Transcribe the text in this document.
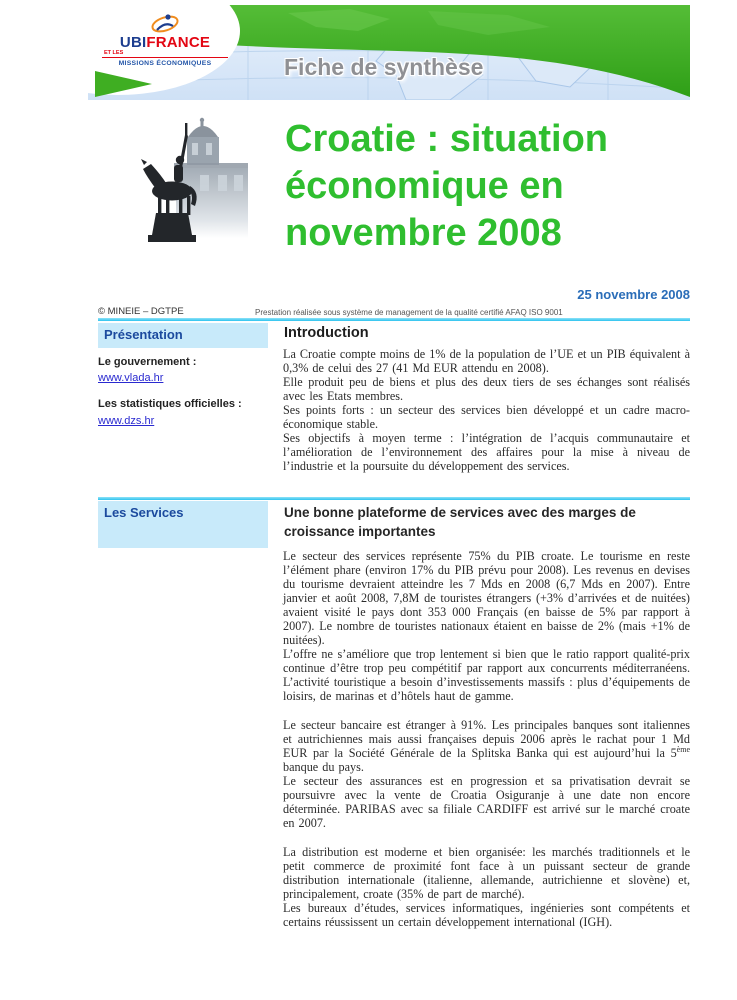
UBIFRANCE
ET LES
MISSIONS ÉCONOMIQUES	Fiche de synthèse
Croatie : situation économique en novembre 2008
25 novembre 2008
© MINEIE – DGTPE	Prestation réalisée sous système de management de la qualité certifié AFAQ ISO 9001
Présentation
Le gouvernement :
www.vlada.hr
Les statistiques officielles :
www.dzs.hr
Les Services
Introduction

La Croatie compte moins de 1% de la population de l’UE et un PIB équivalent à 0,3% de celui des 27 (41 Md EUR attendu en 2008).

Elle produit peu de biens et plus des deux tiers de ses échanges sont réalisés avec les Etats membres.

Ses points forts : un secteur des services bien développé et un cadre macro-économique stable.

Ses objectifs à moyen terme : l’intégration de l’acquis communautaire et l’amélioration de l’environnement des affaires pour la mise à niveau de l’industrie et la poursuite du développement des services.

Une bonne plateforme de services avec des marges de croissance importantes

Le secteur des services représente 75% du PIB croate. Le tourisme en reste l’élément phare (environ 17% du PIB prévu pour 2008). Les revenus en devises du tourisme devraient atteindre les 7 Mds en 2008 (6,7 Mds en 2007). Entre janvier et août 2008, 7,8M de touristes étrangers (+3% d’arrivées et de nuitées) avaient visité le pays dont 353 000 Français (en baisse de 5% par rapport à 2007). Le nombre de touristes nationaux étaient en baisse de 2% (mais +1% de nuitées).

L’offre ne s’améliore que trop lentement si bien que le ratio rapport qualité-prix continue d’être trop peu compétitif par rapport aux concurrents méditerranéens. L’activité touristique a besoin d’investissements massifs : plus d’équipements de loisirs, de marinas et d’hôtels haut de gamme.

Le secteur bancaire est étranger à 91%. Les principales banques sont italiennes et autrichiennes mais aussi françaises depuis 2006 après le rachat pour 1 Md EUR par la Société Générale de la Splitska Banka qui est aujourd’hui la 5ème banque du pays.

Le secteur des assurances est en progression et sa privatisation devrait se poursuivre avec la vente de Croatia Osiguranje à une date non encore déterminée. PARIBAS avec sa filiale CARDIFF est arrivé sur le marché croate en 2007.

La distribution est moderne et bien organisée: les marchés traditionnels et le petit commerce de proximité font face à un puissant secteur de grande distribution internationale (italienne, allemande, autrichienne et slovène) et, principalement, croate (35% de part de marché).

Les bureaux d’études, services informatiques, ingénieries sont compétents et certains réussissent un certain développement international (IGH).
